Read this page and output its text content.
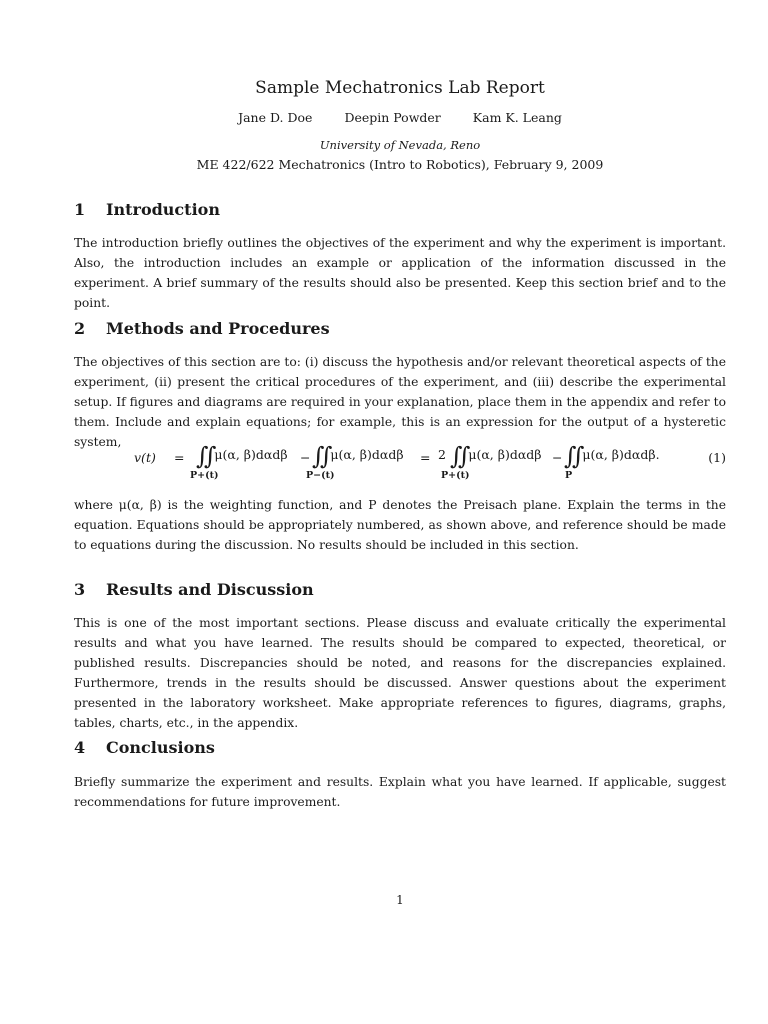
Sample Mechatronics Lab Report
Jane D. Doe	Deepin Powder	Kam K. Leang
University of Nevada, Reno
ME 422/622 Mechatronics (Intro to Robotics), February 9, 2009
1 Introduction

The introduction briefly outlines the objectives of the experiment and why the experiment is important. Also, the introduction includes an example or application of the information discussed in the experiment. A brief summary of the results should also be presented. Keep this section brief and to the point.

2 Methods and Procedures

The objectives of this section are to: (i) discuss the hypothesis and/or relevant theoretical aspects of the experiment, (ii) present the critical procedures of the experiment, and (iii) describe the experimental setup. If figures and diagrams are required in your explanation, place them in the appendix and refer to them. Include and explain equations; for example, this is an expression for the output of a hysteretic system,

v(t) = ∬ μ(α, β)dαdβ
P+(t)
− ∬ μ(α, β)dαdβ
P−(t)
= 2 ∬ μ(α, β)dαdβ
P+(t)
− ∬ μ(α, β)dαdβ.
P
(1)

where μ(α, β) is the weighting function, and P denotes the Preisach plane. Explain the terms in the equation. Equations should be appropriately numbered, as shown above, and reference should be made to equations during the discussion. No results should be included in this section.

3 Results and Discussion

This is one of the most important sections. Please discuss and evaluate critically the experimental results and what you have learned. The results should be compared to expected, theoretical, or published results. Discrepancies should be noted, and reasons for the discrepancies explained. Furthermore, trends in the results should be discussed. Answer questions about the experiment presented in the laboratory worksheet. Make appropriate references to figures, diagrams, graphs, tables, charts, etc., in the appendix.

4 Conclusions

Briefly summarize the experiment and results. Explain what you have learned. If applicable, suggest recommendations for future improvement.

1
